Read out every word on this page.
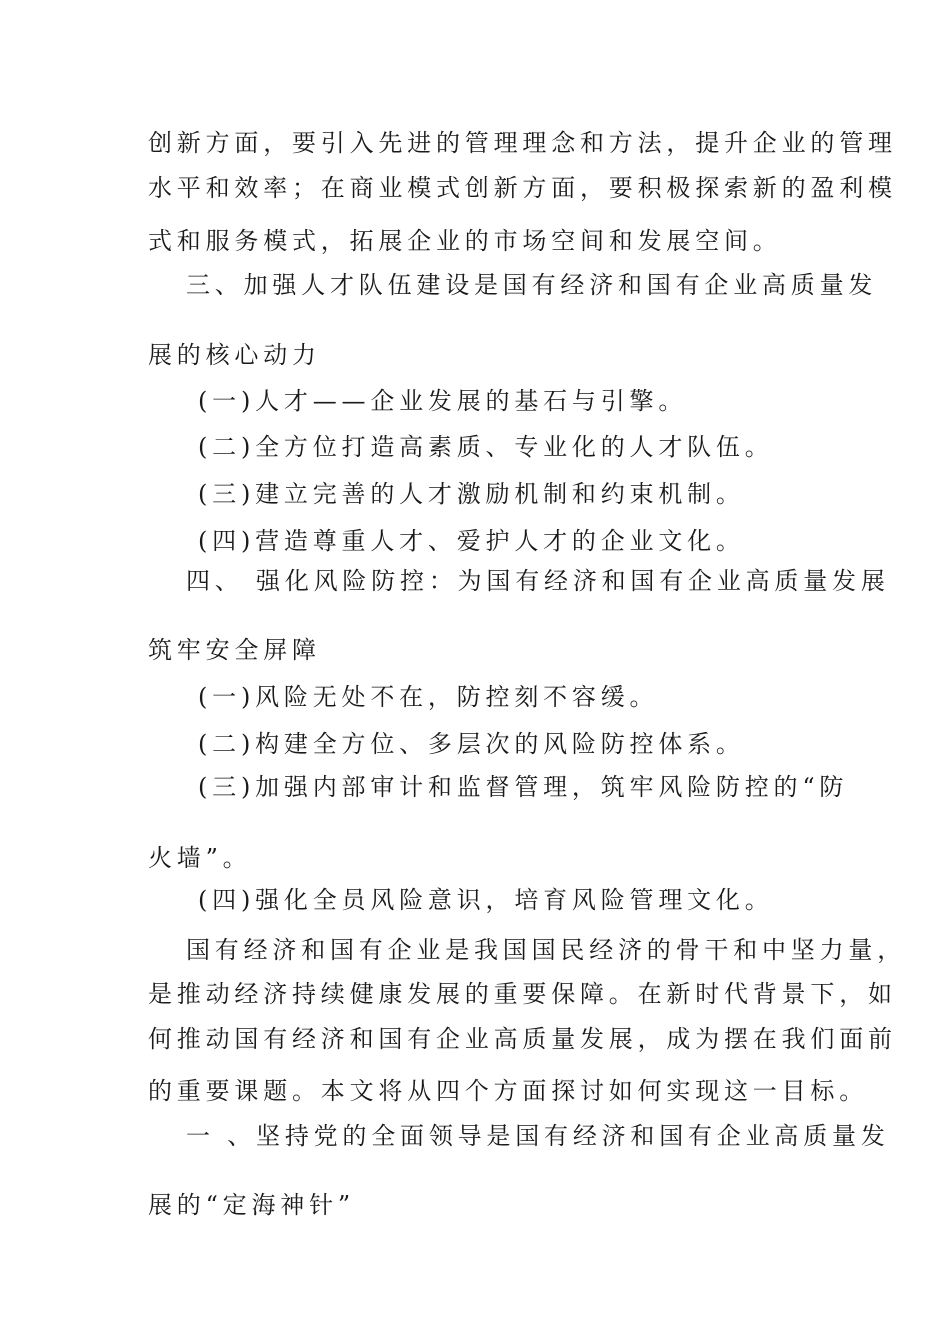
创新方面，要引入先进的管理理念和方法，提升企业的管理
水平和效率；在商业模式创新方面，要积极探索新的盈利模
式和服务模式，拓展企业的市场空间和发展空间。
三、加强人才队伍建设是国有经济和国有企业高质量发
展的核心动力
(一)人才——企业发展的基石与引擎。
(二)全方位打造高素质、专业化的人才队伍。
(三)建立完善的人才激励机制和约束机制。
(四)营造尊重人才、爱护人才的企业文化。
四、 强化风险防控：为国有经济和国有企业高质量发展
筑牢安全屏障
(一)风险无处不在，防控刻不容缓。
(二)构建全方位、多层次的风险防控体系。
(三)加强内部审计和监督管理，筑牢风险防控的“防
火墙”。
(四)强化全员风险意识，培育风险管理文化。
国有经济和国有企业是我国国民经济的骨干和中坚力量，
是推动经济持续健康发展的重要保障。在新时代背景下，如
何推动国有经济和国有企业高质量发展，成为摆在我们面前
的重要课题。本文将从四个方面探讨如何实现这一目标。
一 、坚持党的全面领导是国有经济和国有企业高质量发
展的“定海神针”
